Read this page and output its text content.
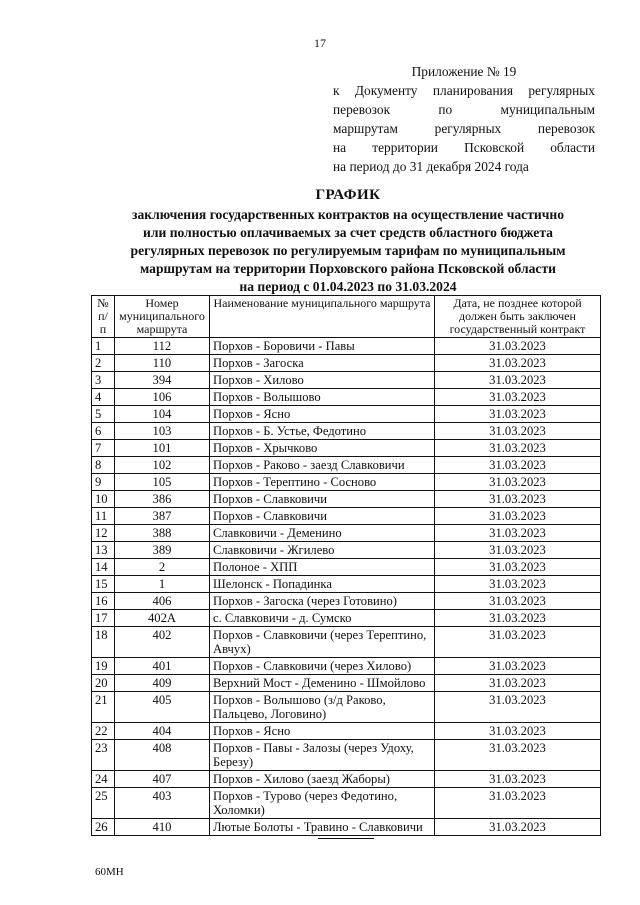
17
Приложение № 19
к Документу планирования регулярных
перевозок по муниципальным
маршрутам регулярных перевозок
на территории Псковской области
на период до 31 декабря 2024 года
ГРАФИК
заключения государственных контрактов на осуществление частично
или полностью оплачиваемых за счет средств областного бюджета
регулярных перевозок по регулируемым тарифам по муниципальным
маршрутам на территории Порховского района Псковской области
на период с 01.04.2023 по 31.03.2024
№ п/п	Номер муниципального маршрута	Наименование муниципального маршрута	Дата, не позднее которой должен быть заключен государственный контракт
1	112	Порхов - Боровичи - Павы	31.03.2023
2	110	Порхов - Загоска	31.03.2023
3	394	Порхов - Хилово	31.03.2023
4	106	Порхов - Волышово	31.03.2023
5	104	Порхов - Ясно	31.03.2023
6	103	Порхов - Б. Устье, Федотино	31.03.2023
7	101	Порхов - Хрычково	31.03.2023
8	102	Порхов - Раково - заезд Славковичи	31.03.2023
9	105	Порхов - Терептино - Сосново	31.03.2023
10	386	Порхов - Славковичи	31.03.2023
11	387	Порхов - Славковичи	31.03.2023
12	388	Славковичи - Деменино	31.03.2023
13	389	Славковичи - Жгилево	31.03.2023
14	2	Полоное - ХПП	31.03.2023
15	1	Шелонск - Попадинка	31.03.2023
16	406	Порхов - Загоска (через Готовино)	31.03.2023
17	402А	с. Славковичи - д. Сумско	31.03.2023
18	402	Порхов - Славковичи (через Терептино, Авчух)	31.03.2023
19	401	Порхов - Славковичи (через Хилово)	31.03.2023
20	409	Верхний Мост - Деменино - Шмойлово	31.03.2023
21	405	Порхов - Волышово (з/д Раково, Пальцево, Логовино)	31.03.2023
22	404	Порхов - Ясно	31.03.2023
23	408	Порхов - Павы - Залозы (через Удоху, Березу)	31.03.2023
24	407	Порхов - Хилово (заезд Жаборы)	31.03.2023
25	403	Порхов - Турово (через Федотино, Холомки)	31.03.2023
26	410	Лютые Болоты - Травино - Славковичи	31.03.2023
60МН
